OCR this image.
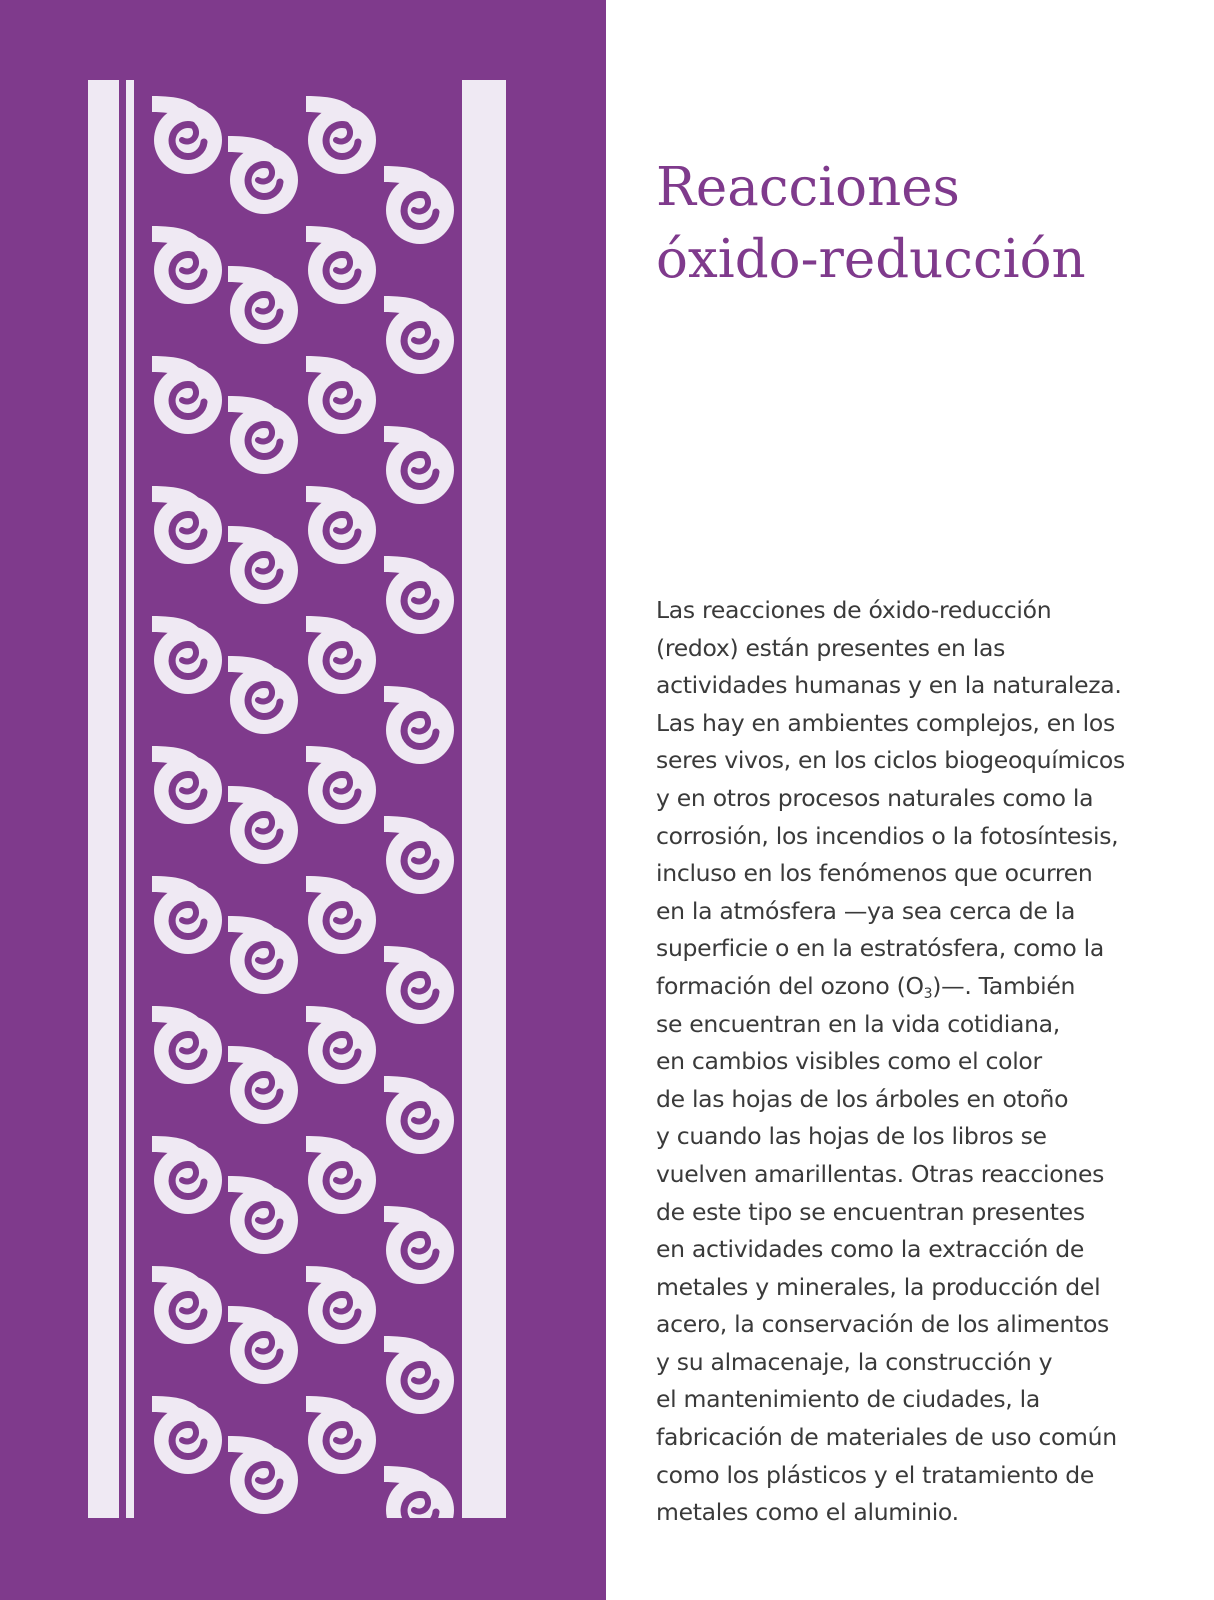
Reacciones
óxido-reducción

Las reacciones de óxido-reducción
(redox) están presentes en las
actividades humanas y en la naturaleza.
Las hay en ambientes complejos, en los
seres vivos, en los ciclos biogeoquímicos
y en otros procesos naturales como la
corrosión, los incendios o la fotosíntesis,
incluso en los fenómenos que ocurren
en la atmósfera —ya sea cerca de la
superficie o en la estratósfera, como la
formación del ozono $(O_3)—$. También
se encuentran en la vida cotidiana,
en cambios visibles como el color
de las hojas de los árboles en otoño
y cuando las hojas de los libros se
vuelven amarillentas. Otras reacciones
de este tipo se encuentran presentes
en actividades como la extracción de
metales y minerales, la producción del
acero, la conservación de los alimentos
y su almacenaje, la construcción y
el mantenimiento de ciudades, la
fabricación de materiales de uso común
como los plásticos y el tratamiento de
metales como el aluminio.
